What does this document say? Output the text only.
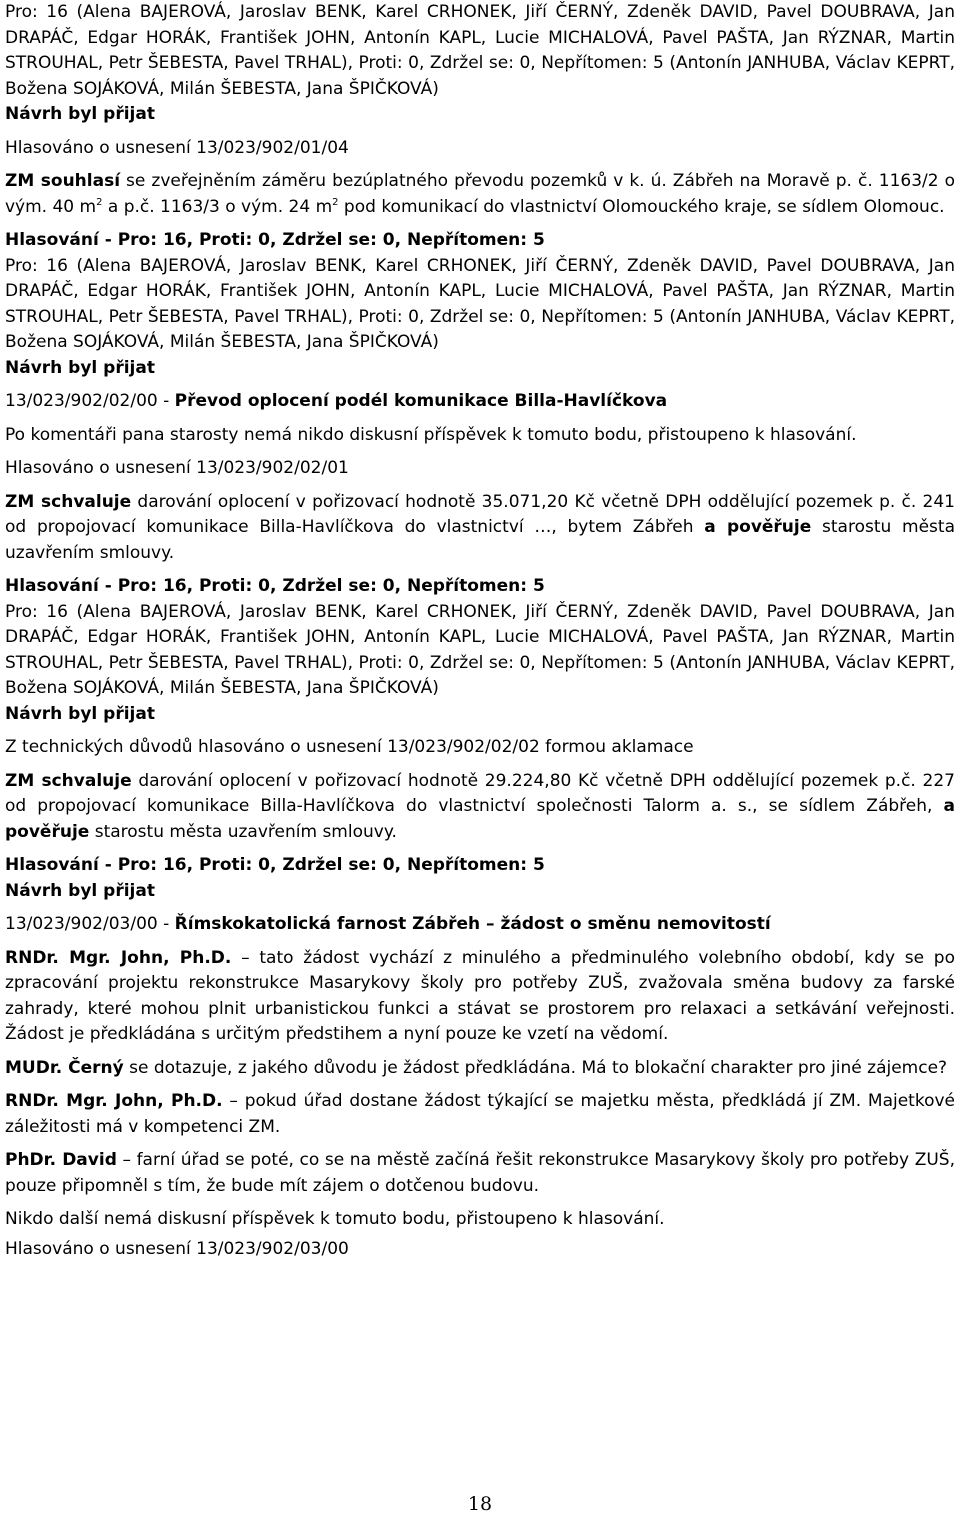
Pro: 16 (Alena BAJEROVÁ, Jaroslav BENK, Karel CRHONEK, Jiří ČERNÝ, Zdeněk DAVID, Pavel DOUBRAVA, Jan DRAPÁČ, Edgar HORÁK, František JOHN, Antonín KAPL, Lucie MICHALOVÁ, Pavel PAŠTA, Jan RÝZNAR, Martin STROUHAL, Petr ŠEBESTA, Pavel TRHAL), Proti: 0, Zdržel se: 0, Nepřítomen: 5 (Antonín JANHUBA, Václav KEPRT, Božena SOJÁKOVÁ, Milán ŠEBESTA, Jana ŠPIČKOVÁ)

Návrh byl přijat

Hlasováno o usnesení 13/023/902/01/04

ZM souhlasí se zveřejněním záměru bezúplatného převodu pozemků v k. ú. Zábřeh na Moravě p. č. 1163/2 o vým. 40 $m^2$ a p.č. 1163/3 o vým. 24 $m^2$ pod komunikací do vlastnictví Olomouckého kraje, se sídlem Olomouc.

Hlasování - Pro: 16, Proti: 0, Zdržel se: 0, Nepřítomen: 5

Pro: 16 (Alena BAJEROVÁ, Jaroslav BENK, Karel CRHONEK, Jiří ČERNÝ, Zdeněk DAVID, Pavel DOUBRAVA, Jan DRAPÁČ, Edgar HORÁK, František JOHN, Antonín KAPL, Lucie MICHALOVÁ, Pavel PAŠTA, Jan RÝZNAR, Martin STROUHAL, Petr ŠEBESTA, Pavel TRHAL), Proti: 0, Zdržel se: 0, Nepřítomen: 5 (Antonín JANHUBA, Václav KEPRT, Božena SOJÁKOVÁ, Milán ŠEBESTA, Jana ŠPIČKOVÁ)

Návrh byl přijat

13/023/902/02/00 - Převod oplocení podél komunikace Billa-Havlíčkova

Po komentáři pana starosty nemá nikdo diskusní příspěvek k tomuto bodu, přistoupeno k hlasování.

Hlasováno o usnesení 13/023/902/02/01

ZM schvaluje darování oplocení v pořizovací hodnotě 35.071,20 Kč včetně DPH oddělující pozemek p. č. 241 od propojovací komunikace Billa-Havlíčkova do vlastnictví …, bytem Zábřeh a pověřuje starostu města uzavřením smlouvy.

Hlasování - Pro: 16, Proti: 0, Zdržel se: 0, Nepřítomen: 5

Pro: 16 (Alena BAJEROVÁ, Jaroslav BENK, Karel CRHONEK, Jiří ČERNÝ, Zdeněk DAVID, Pavel DOUBRAVA, Jan DRAPÁČ, Edgar HORÁK, František JOHN, Antonín KAPL, Lucie MICHALOVÁ, Pavel PAŠTA, Jan RÝZNAR, Martin STROUHAL, Petr ŠEBESTA, Pavel TRHAL), Proti: 0, Zdržel se: 0, Nepřítomen: 5 (Antonín JANHUBA, Václav KEPRT, Božena SOJÁKOVÁ, Milán ŠEBESTA, Jana ŠPIČKOVÁ)

Návrh byl přijat

Z technických důvodů hlasováno o usnesení 13/023/902/02/02 formou aklamace

ZM schvaluje darování oplocení v pořizovací hodnotě 29.224,80 Kč včetně DPH oddělující pozemek p.č. 227 od propojovací komunikace Billa-Havlíčkova do vlastnictví společnosti Talorm a. s., se sídlem Zábřeh, a pověřuje starostu města uzavřením smlouvy.

Hlasování - Pro: 16, Proti: 0, Zdržel se: 0, Nepřítomen: 5

Návrh byl přijat

13/023/902/03/00 - Římskokatolická farnost Zábřeh – žádost o směnu nemovitostí

RNDr. Mgr. John, Ph.D. – tato žádost vychází z minulého a předminulého volebního období, kdy se po zpracování projektu rekonstrukce Masarykovy školy pro potřeby ZUŠ, zvažovala směna budovy za farské zahrady, které mohou plnit urbanistickou funkci a stávat se prostorem pro relaxaci a setkávání veřejnosti. Žádost je předkládána s určitým předstihem a nyní pouze ke vzetí na vědomí.

MUDr. Černý se dotazuje, z jakého důvodu je žádost předkládána. Má to blokační charakter pro jiné zájemce?

RNDr. Mgr. John, Ph.D. – pokud úřad dostane žádost týkající se majetku města, předkládá jí ZM. Majetkové záležitosti má v kompetenci ZM.

PhDr. David – farní úřad se poté, co se na městě začíná řešit rekonstrukce Masarykovy školy pro potřeby ZUŠ, pouze připomněl s tím, že bude mít zájem o dotčenou budovu.

Nikdo další nemá diskusní příspěvek k tomuto bodu, přistoupeno k hlasování.

Hlasováno o usnesení 13/023/902/03/00

18
